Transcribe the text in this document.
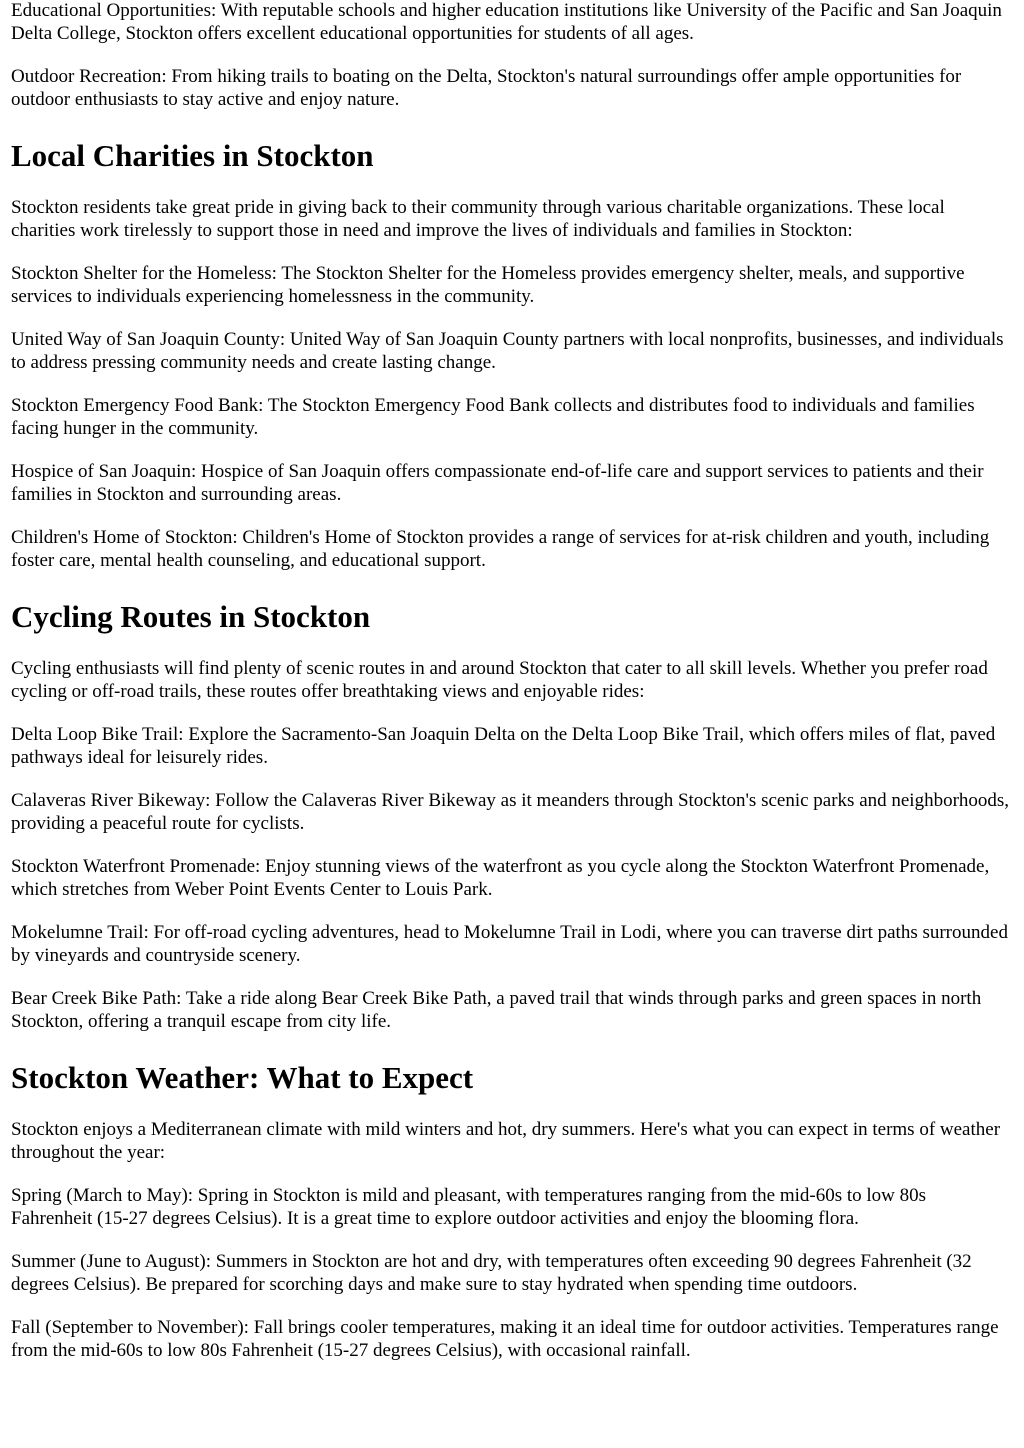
Educational Opportunities: With reputable schools and higher education institutions like University of the Pacific and San Joaquin Delta College, Stockton offers excellent educational opportunities for students of all ages.

Outdoor Recreation: From hiking trails to boating on the Delta, Stockton's natural surroundings offer ample opportunities for outdoor enthusiasts to stay active and enjoy nature.

Local Charities in Stockton

Stockton residents take great pride in giving back to their community through various charitable organizations. These local charities work tirelessly to support those in need and improve the lives of individuals and families in Stockton:

Stockton Shelter for the Homeless: The Stockton Shelter for the Homeless provides emergency shelter, meals, and supportive services to individuals experiencing homelessness in the community.

United Way of San Joaquin County: United Way of San Joaquin County partners with local nonprofits, businesses, and individuals to address pressing community needs and create lasting change.

Stockton Emergency Food Bank: The Stockton Emergency Food Bank collects and distributes food to individuals and families facing hunger in the community.

Hospice of San Joaquin: Hospice of San Joaquin offers compassionate end-of-life care and support services to patients and their families in Stockton and surrounding areas.

Children's Home of Stockton: Children's Home of Stockton provides a range of services for at-risk children and youth, including foster care, mental health counseling, and educational support.

Cycling Routes in Stockton

Cycling enthusiasts will find plenty of scenic routes in and around Stockton that cater to all skill levels. Whether you prefer road cycling or off-road trails, these routes offer breathtaking views and enjoyable rides:

Delta Loop Bike Trail: Explore the Sacramento-San Joaquin Delta on the Delta Loop Bike Trail, which offers miles of flat, paved pathways ideal for leisurely rides.

Calaveras River Bikeway: Follow the Calaveras River Bikeway as it meanders through Stockton's scenic parks and neighborhoods, providing a peaceful route for cyclists.

Stockton Waterfront Promenade: Enjoy stunning views of the waterfront as you cycle along the Stockton Waterfront Promenade, which stretches from Weber Point Events Center to Louis Park.

Mokelumne Trail: For off-road cycling adventures, head to Mokelumne Trail in Lodi, where you can traverse dirt paths surrounded by vineyards and countryside scenery.

Bear Creek Bike Path: Take a ride along Bear Creek Bike Path, a paved trail that winds through parks and green spaces in north Stockton, offering a tranquil escape from city life.

Stockton Weather: What to Expect

Stockton enjoys a Mediterranean climate with mild winters and hot, dry summers. Here's what you can expect in terms of weather throughout the year:

Spring (March to May): Spring in Stockton is mild and pleasant, with temperatures ranging from the mid-60s to low 80s Fahrenheit (15-27 degrees Celsius). It is a great time to explore outdoor activities and enjoy the blooming flora.

Summer (June to August): Summers in Stockton are hot and dry, with temperatures often exceeding 90 degrees Fahrenheit (32 degrees Celsius). Be prepared for scorching days and make sure to stay hydrated when spending time outdoors.

Fall (September to November): Fall brings cooler temperatures, making it an ideal time for outdoor activities. Temperatures range from the mid-60s to low 80s Fahrenheit (15-27 degrees Celsius), with occasional rainfall.
